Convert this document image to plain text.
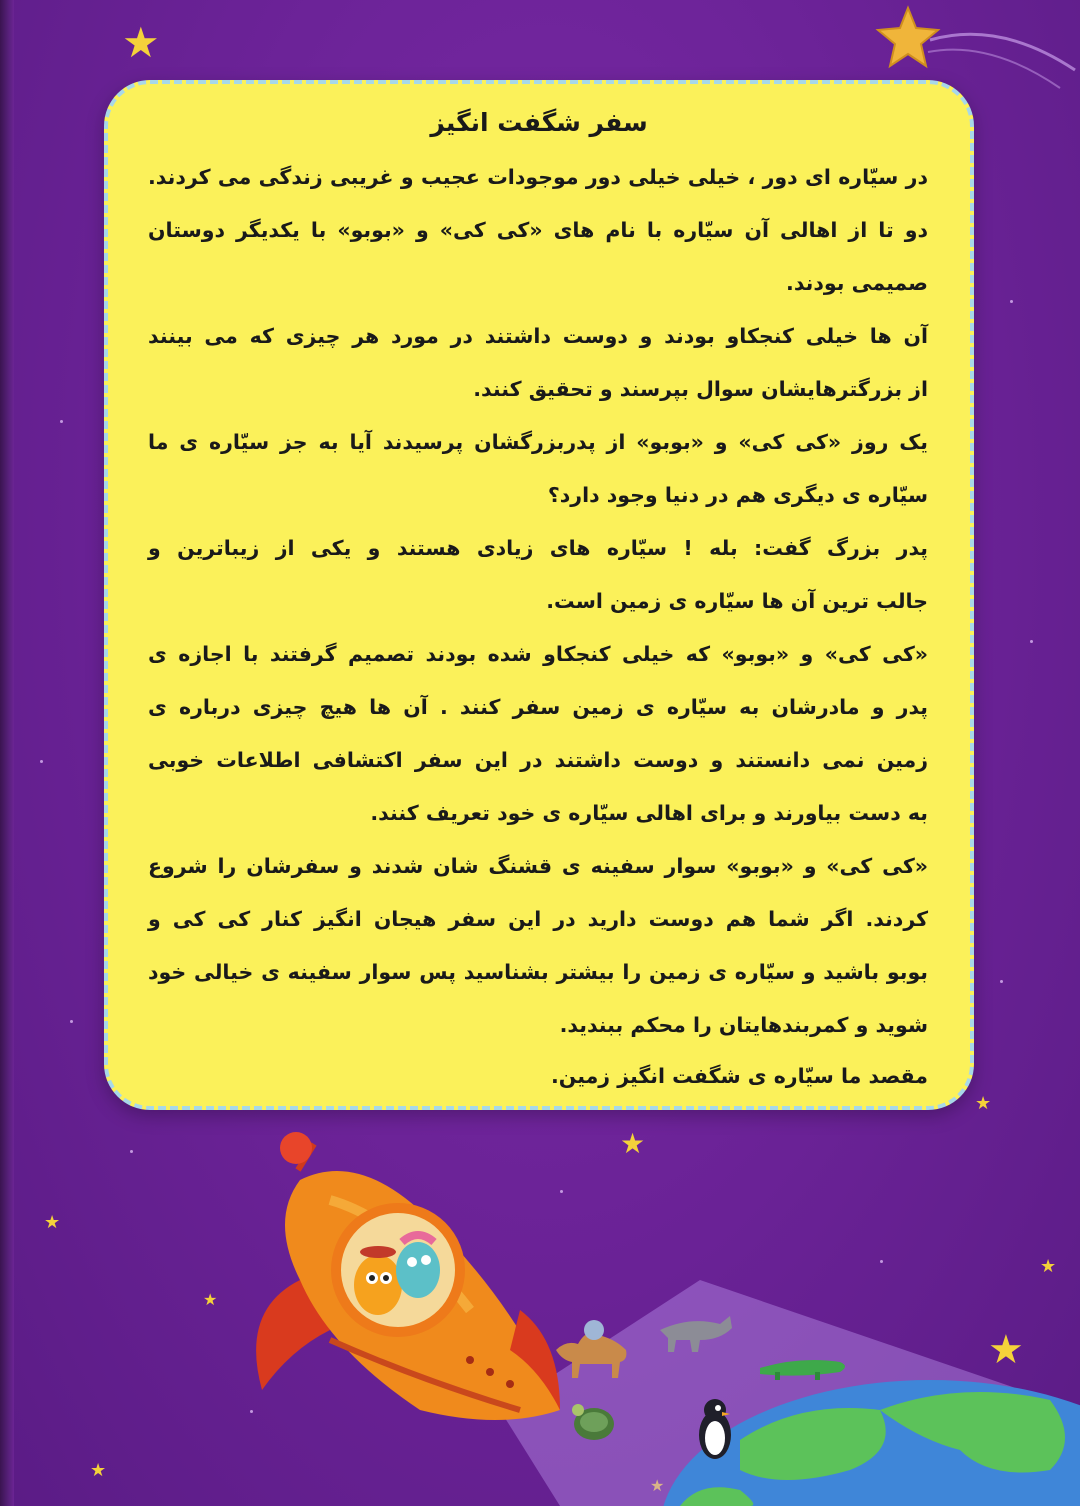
★
★
★
★
★
★
★
★
★
سفر شگفت انگیز
در سیّاره ای دور ، خیلی خیلی دور موجودات عجیب و غریبی زندگی می کردند.
دو تا از اهالی آن سیّاره با نام های «کی کی» و «بوبو» با یکدیگر دوستان
صمیمی بودند.
آن ها خیلی کنجکاو بودند و دوست داشتند در مورد هر چیزی که می بینند
از بزرگترهایشان سوال بپرسند و تحقیق کنند.
یک روز «کی کی» و «بوبو» از پدربزرگشان پرسیدند آیا به جز سیّاره ی ما
سیّاره ی دیگری هم در دنیا وجود دارد؟
پدر بزرگ گفت: بله ! سیّاره های زیادی هستند و یکی از زیباترین و
جالب ترین آن ها سیّاره ی زمین است.
«کی کی» و «بوبو» که خیلی کنجکاو شده بودند تصمیم گرفتند با اجازه ی
پدر و مادرشان به سیّاره ی زمین سفر کنند . آن ها هیچ چیزی درباره ی
زمین نمی دانستند و دوست داشتند در این سفر اکتشافی اطلاعات خوبی
به دست بیاورند و برای اهالی سیّاره ی خود تعریف کنند.
«کی کی» و «بوبو» سوار سفینه ی قشنگ شان شدند و سفرشان را شروع
کردند. اگر شما هم دوست دارید در این سفر هیجان انگیز کنار کی کی و
بوبو باشید و سیّاره ی زمین را بیشتر بشناسید پس سوار سفینه ی خیالی خود
شوید و کمربندهایتان را محکم ببندید.
مقصد ما سیّاره ی شگفت انگیز زمین.
